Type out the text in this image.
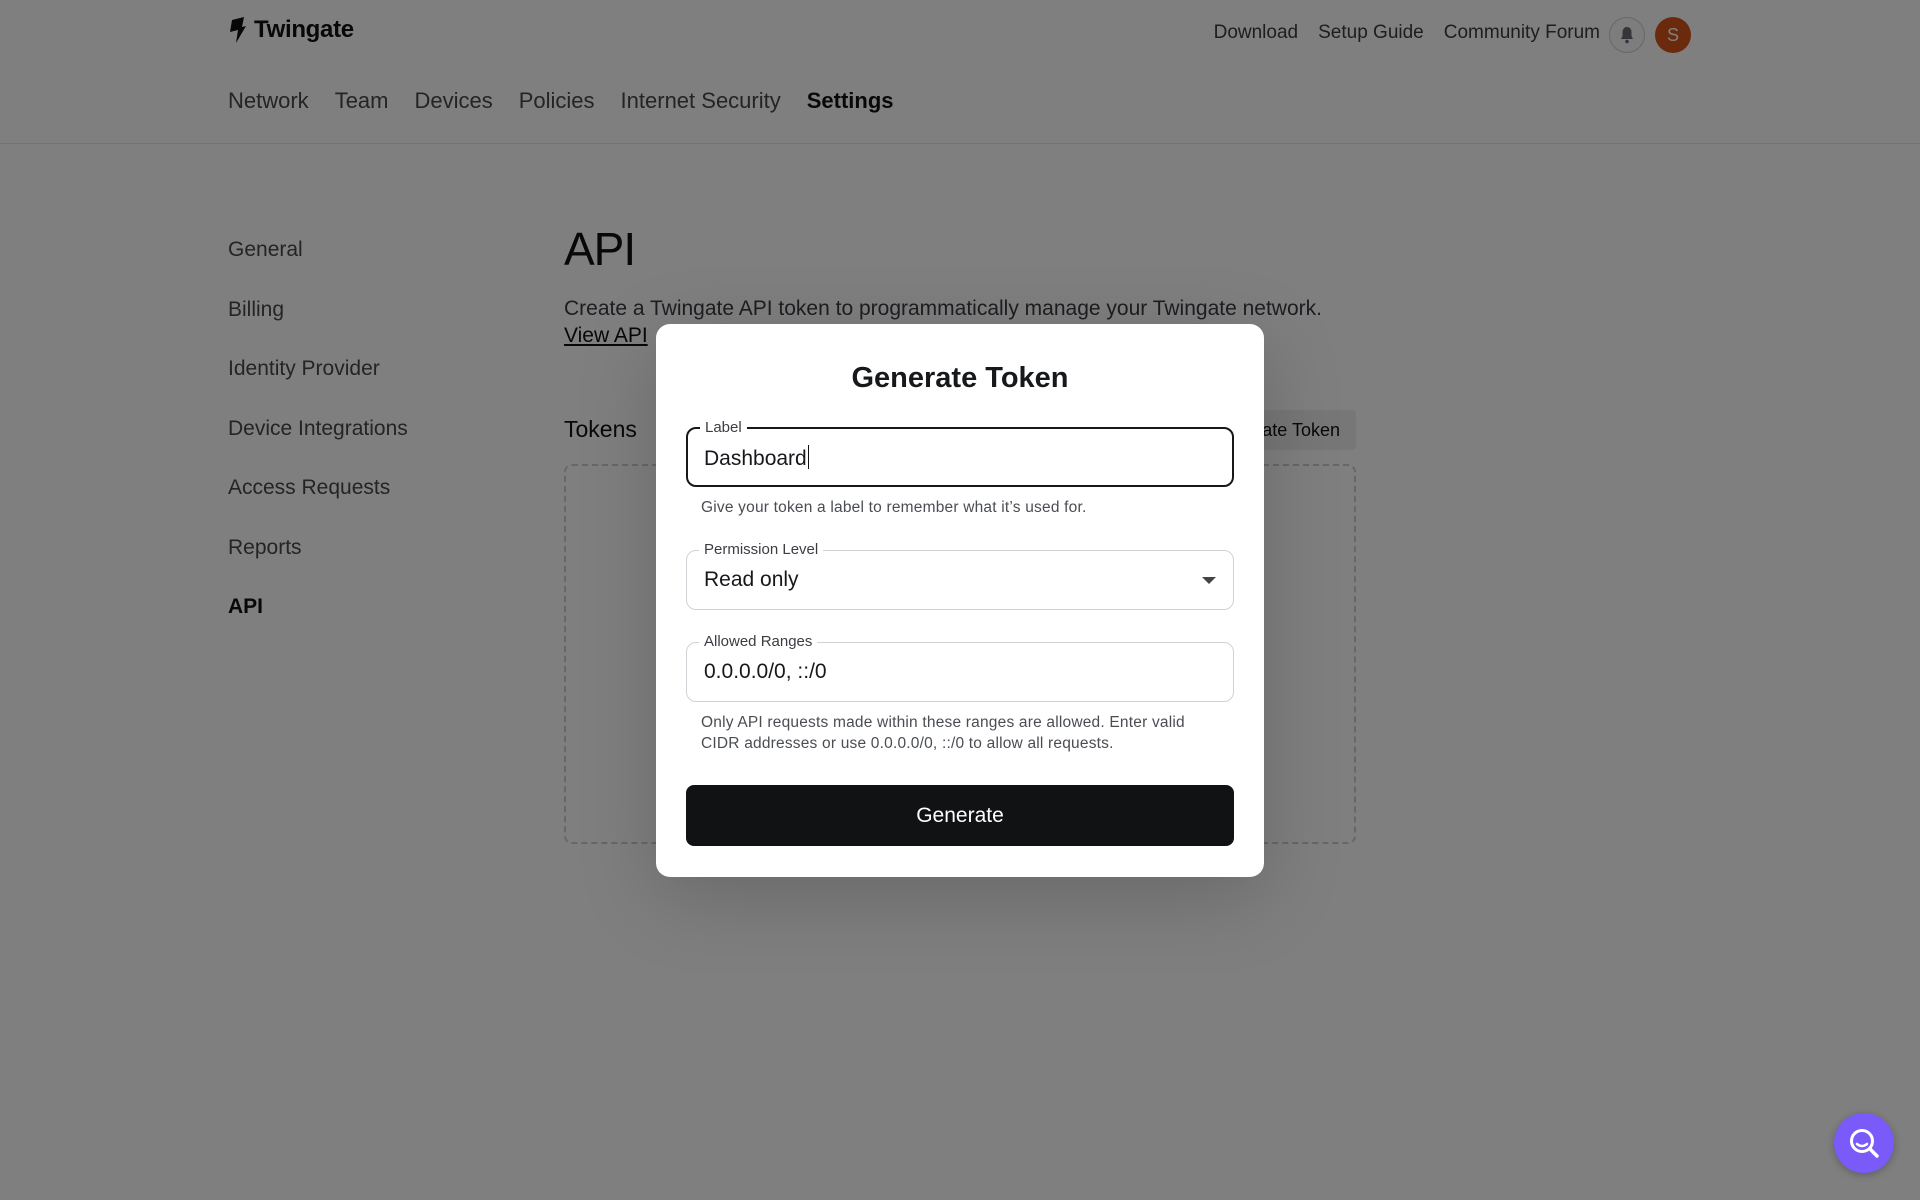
Generate Token
Label
Dashboard
Give your token a label to remember what it’s used for.
Permission Level
Read only
Allowed Ranges
0.0.0.0/0, ::/0
Only API requests made within these ranges are allowed. Enter valid
CIDR addresses or use 0.0.0.0/0, ::/0 to allow all requests.
Generate
